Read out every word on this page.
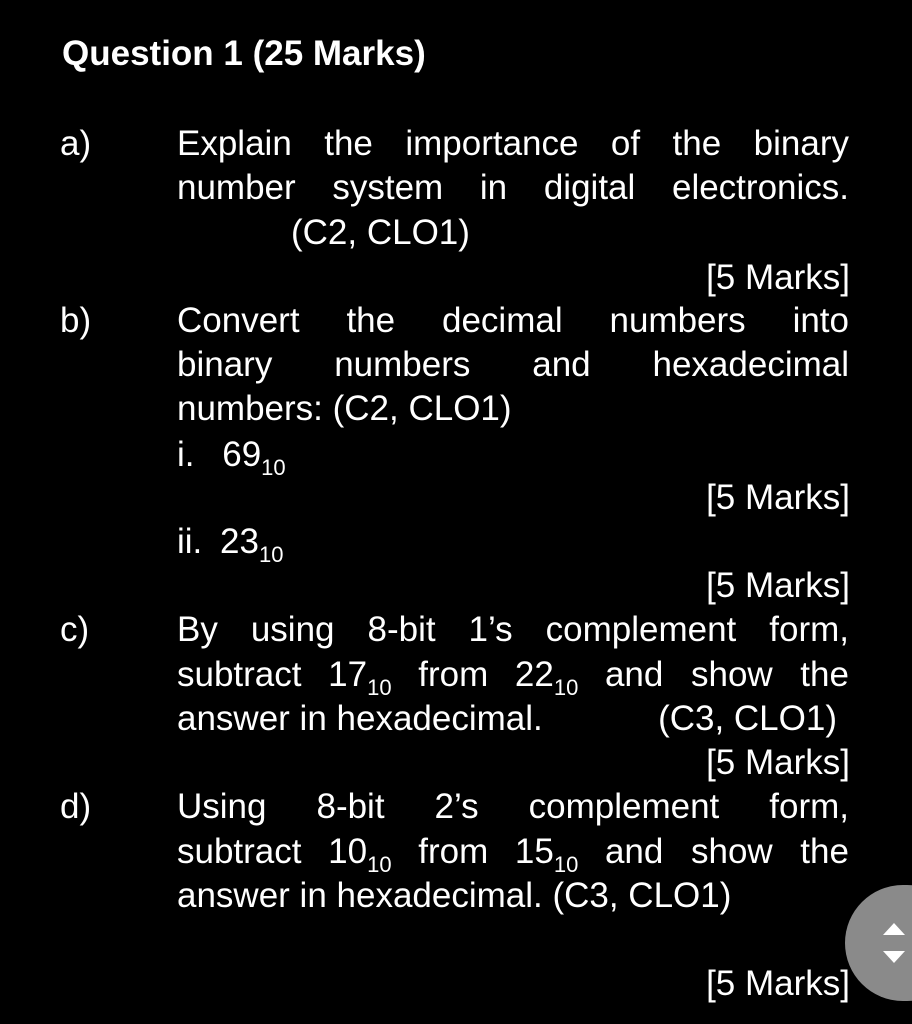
Question 1 (25 Marks)
a) Explain the importance of the binary
number system in digital electronics.
(C2, CLO1)
[5 Marks]
b) Convert the decimal numbers into
binary numbers and hexadecimal
numbers: (C2, CLO1)
i. $69_{10}$
[5 Marks]
ii. $23_{10}$
[5 Marks]
c)	By using 8-bit 1’s complement form,
subtract $17_{10}$ from $22_{10}$ and show the
answer in hexadecimal.	(C3, CLO1)
[5 Marks]
d) Using 8-bit 2’s complement form,
subtract $10_{10}$ from $15_{10}$ and show the
answer in hexadecimal. (C3, CLO1)
[5 Marks]
